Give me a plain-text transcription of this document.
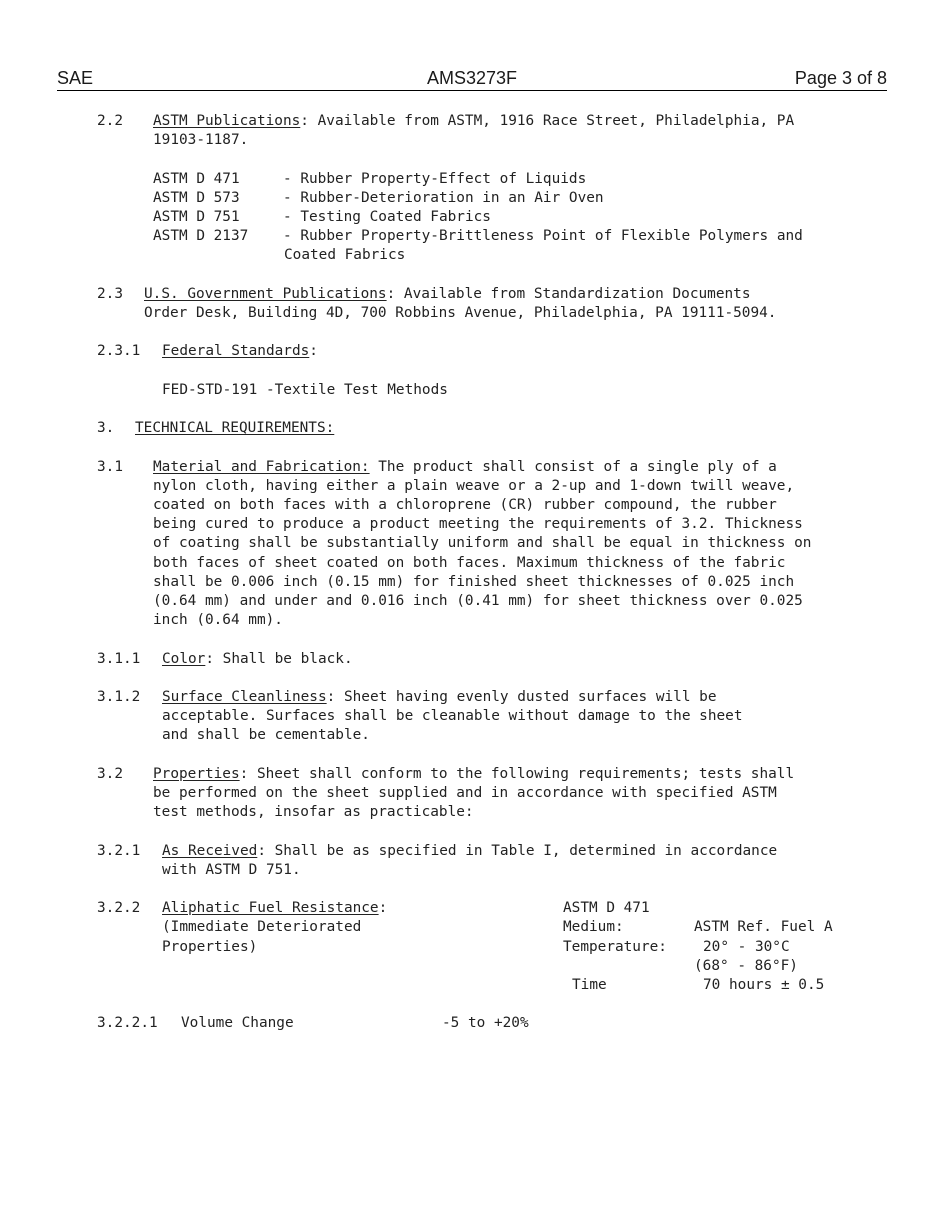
SAE	AMS3273F	Page 3 of 8
2.2 ASTM Publications: Available from ASTM, 1916 Race Street, Philadelphia, PA
19103-1187.
ASTM D 471 - Rubber Property-Effect of Liquids
ASTM D 573 - Rubber-Deterioration in an Air Oven
ASTM D 751 - Testing Coated Fabrics
ASTM D 2137 - Rubber Property-Brittleness Point of Flexible Polymers and
Coated Fabrics
2.3 U.S. Government Publications: Available from Standardization Documents
Order Desk, Building 4D, 700 Robbins Avenue, Philadelphia, PA 19111-5094.
2.3.1 Federal Standards:
FED-STD-191 -Textile Test Methods
3.	TECHNICAL REQUIREMENTS:
3.1 Material and Fabrication: The product shall consist of a single ply of a
nylon cloth, having either a plain weave or a 2-up and 1-down twill weave,
coated on both faces with a chloroprene (CR) rubber compound, the rubber
being cured to produce a product meeting the requirements of 3.2. Thickness
of coating shall be substantially uniform and shall be equal in thickness on
both faces of sheet coated on both faces. Maximum thickness of the fabric
shall be 0.006 inch (0.15 mm) for finished sheet thicknesses of 0.025 inch
(0.64 mm) and under and 0.016 inch (0.41 mm) for sheet thickness over 0.025
inch (0.64 mm).
3.1.1	Color: Shall be black.
3.1.2 Surface Cleanliness: Sheet having evenly dusted surfaces will be
acceptable. Surfaces shall be cleanable without damage to the sheet
and shall be cementable.
3.2 Properties: Sheet shall conform to the following requirements; tests shall
be performed on the sheet supplied and in accordance with specified ASTM
test methods, insofar as practicable:
3.2.1 As Received: Shall be as specified in Table I, determined in accordance
with ASTM D 751.
3.2.2 Aliphatic Fuel Resistance:
(Immediate Deteriorated
Properties)
ASTM D 471
Medium:	ASTM Ref. Fuel A
Temperature:	20° - 30°C
(68° - 86°F)
Time	70 hours ± 0.5
3.2.2.1 Volume Change	-5 to +20%
